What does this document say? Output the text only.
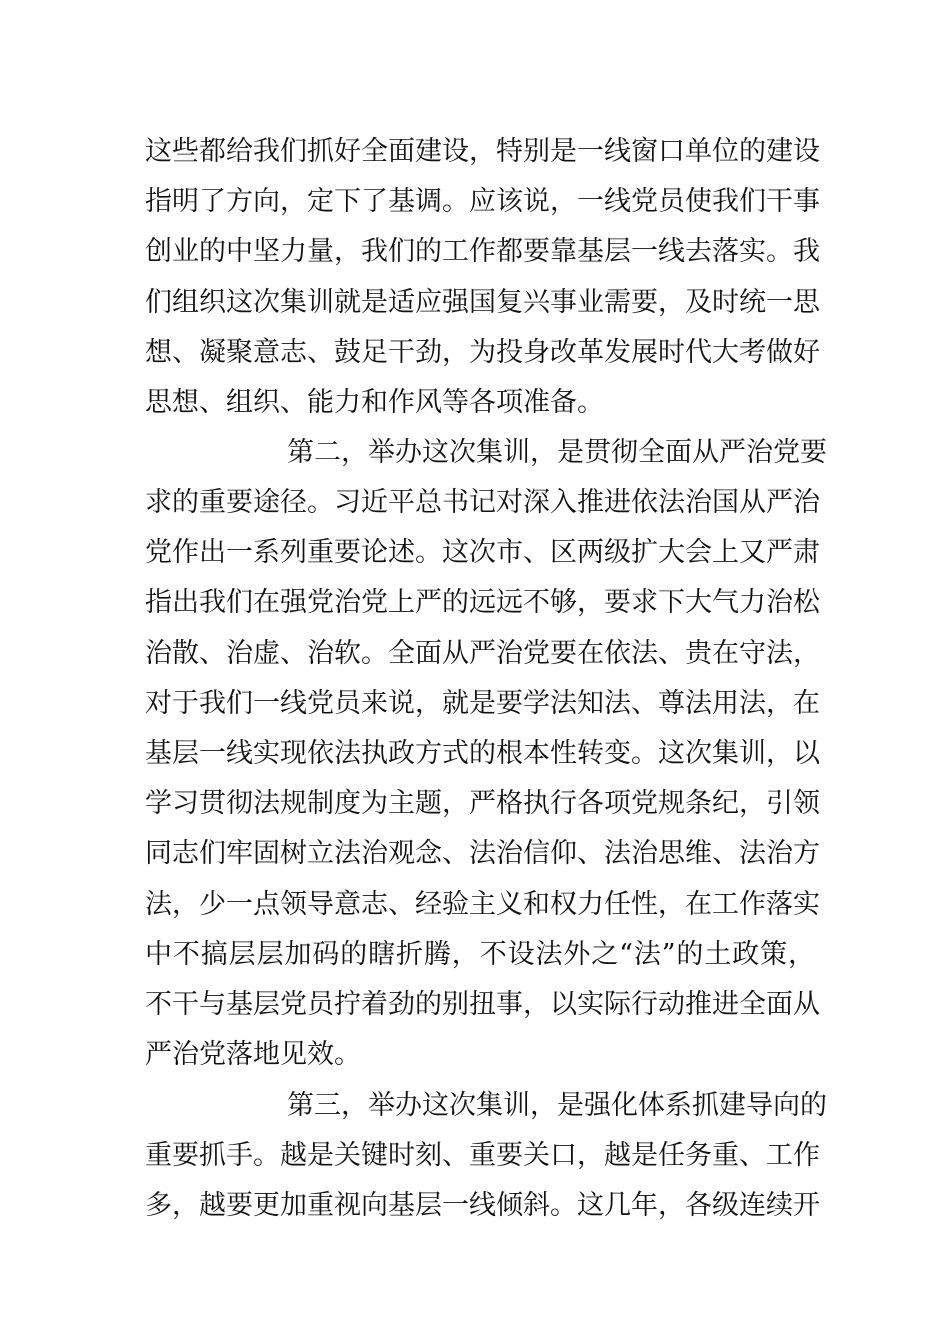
这些都给我们抓好全面建设，特别是一线窗口单位的建设
指明了方向，定下了基调。应该说，一线党员使我们干事
创业的中坚力量，我们的工作都要靠基层一线去落实。我
们组织这次集训就是适应强国复兴事业需要，及时统一思
想、凝聚意志、鼓足干劲，为投身改革发展时代大考做好
思想、组织、能力和作风等各项准备。
第二，举办这次集训，是贯彻全面从严治党要
求的重要途径。习近平总书记对深入推进依法治国从严治
党作出一系列重要论述。这次市、区两级扩大会上又严肃
指出我们在强党治党上严的远远不够，要求下大气力治松
治散、治虚、治软。全面从严治党要在依法、贵在守法，
对于我们一线党员来说，就是要学法知法、尊法用法，在
基层一线实现依法执政方式的根本性转变。这次集训，以
学习贯彻法规制度为主题，严格执行各项党规条纪，引领
同志们牢固树立法治观念、法治信仰、法治思维、法治方
法，少一点领导意志、经验主义和权力任性，在工作落实
中不搞层层加码的瞎折腾，不设法外之“法”的土政策，
不干与基层党员拧着劲的别扭事，以实际行动推进全面从
严治党落地见效。
第三，举办这次集训，是强化体系抓建导向的
重要抓手。越是关键时刻、重要关口，越是任务重、工作
多，越要更加重视向基层一线倾斜。这几年，各级连续开
